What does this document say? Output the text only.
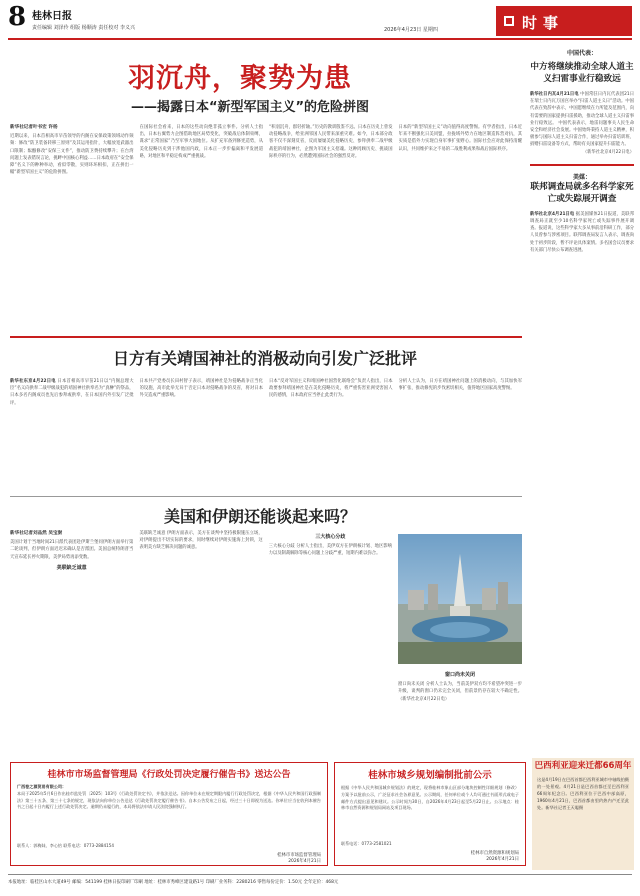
8 桂林日报
责任编辑 刘泽伶 组版 杨顺涛 责任校对 李义兴	2026年4月23日 星期四	时事
羽沉舟，聚势为患
——揭露日本“新型军国主义”的危险拼图
新华社记者叶书宏 许杨
近期以来，日本首相高市早苗领导的内阁在安保政策领域动作频频：修改“防卫装备转移三原则”及其运用指针，大幅放宽武器出口限制；酝酿修改“安保三文件”，推动防卫费持续攀升；在台湾问题上发表错误言论，挑衅中国核心利益……日本政府在“安全保障”名义下的种种举动，看似零散，实则环环相扣，正在拼出一幅“新型军国主义”的危险拼图。
在国际社会看来，日本的这些动向绝非孤立事件。分析人士指出，日本右翼势力企图借助地区局势变化，突破战后体制束缚，谋求“正常国家”乃至军事大国地位。从扩充军备到修宪造势，从美化侵略历史到干涉他国内政，日本正一步步偏离和平发展道路，对地区和平稳定构成严重挑战。
“积羽沉舟，群轻折轴。”历史的教训殷鉴不远。日本在历史上曾发动侵略战争，给亚洲邻国人民带来深重灾难。如今，日本部分政客不仅不深刻反省，反而屡屡美化侵略历史、参拜供奉二战甲级战犯的靖国神社，企图为军国主义招魂。这种罔顾历史、挑战国际秩序的行为，必然遭到国际社会的强烈反对。
日本的“新型军国主义”动向值得高度警惕。有学者指出，日本近年来不断强化日美同盟，拉拢域外势力在地区制造阵营对抗，其实质是借外力实现自身军事扩张野心。国际社会应对此保持清醒认识，共同维护来之不易的二战胜利成果和战后国际秩序。
中国代表：
中方将继续推动全球人道主义扫雷事业行稳致远
新华社日内瓦4月21日电 中国常驻日内瓦代表团21日在瑞士日内瓦万国宫举办“扫雷人道主义日”活动。中国代表在致辞中表示，中国愿继续在力所能及范围内，向有需要的国家提供扫雷援助，推动全球人道主义扫雷事业行稳致远。 中国代表表示，地雷问题事关人民生命安全和经济社会发展。中国始终秉持人道主义精神，积极参与国际人道主义扫雷合作，通过举办扫雷培训班、捐赠扫雷设备等方式，帮助有关国家提升扫雷能力。
（新华社北京4月22日电）
美媒：
联邦调查局就多名科学家死亡或失踪展开调查
新华社北京4月21日电 据美国媒体21日报道，美联邦调查局正就至少10名科学家死亡或失踪事件展开调查。报道说，这些科学家大多从事前沿科研工作，部分人员曾参与涉密项目。联邦调查局发言人表示，调查尚处于初步阶段，暂不评论具体案情。多名国会议员要求有关部门尽快公布调查进展。
日方有关靖国神社的消极动向引发广泛批评
新华社东京4月22日电 日本首相高市早苗21日以“内阁总理大臣”名义向供奉二战甲级战犯的靖国神社供奉名为“真榊”的祭品，日本多名内阁成员也先后参拜或供奉，在日本国内外引发广泛批评。
日本共产党委员长田村智子表示，靖国神社是为侵略战争正当化的设施，高市此举无异于否定日本对侵略战争的反省，将对日本外交造成严重影响。
日本“反对军国主义和靖国神社国营化联络会”负责人指出，日本政要参拜靖国神社是在美化侵略历史，将严重伤害亚洲受害国人民的感情，日本政府应当停止此类行为。
分析人士认为，日方在靖国神社问题上的消极动向，与其加快军事扩张、推动修宪的步伐密切相关，值得地区国家高度警惕。
美国和伊朗还能谈起来吗？
新华社记者刘品然 吴宝澍
美国计划于当地时间21日派代表团赴伊斯兰堡同伊朗方面举行第二轮谈判，但伊朗方面迟迟未确认是否派团。美国总统特朗普当天宣布延长停火期限，美伊局势再添变数。
美联缺乏诚意
美联缺乏诚意 伊朗方面表示，美方在谈判中坚持极限施压立场，对伊朗提出不切实际的要求，同时继续对伊朗实施海上封锁，这表明美方缺乏解决问题的诚意。
三大核心分歧
三大核心分歧 分析人士指出，美伊双方在伊朗核计划、地区影响力以及制裁解除等核心问题上分歧严重，短期内难以弥合。
窗口尚未关闭
窗口尚未关闭 分析人士认为，当前美伊双方均不希望冲突进一步升级，谈判的窗口仍未完全关闭，但前景仍存在较大不确定性。（新华社北京4月22日电）
桂林市市场监督管理局《行政处罚决定履行催告书》送达公告
广西卷之源贸易有限公司：
本局于2025年5月6日作出桂市监处罚〔2025〕103号《行政处罚决定书》，并依法送达。因你单位未在规定期限内履行行政处罚决定，根据《中华人民共和国行政强制法》第三十五条、第三十七条的规定，现依法向你单位公告送达《行政处罚决定履行催告书》。自本公告发布之日起，经过三十日即视为送达。你单位应当在收到本催告书之日起十日内履行上述行政处罚决定。逾期仍未履行的，本局将依法申请人民法院强制执行。
联系人：郭梅妹、李心怡 联系电话：0773-2884154
桂林市市场监督管理局
2026年4月21日
桂林市城乡规划编制批前公示
根据《中华人民共和国城乡规划法》的规定，现将桂林市象山区部分地块控制性详细规划（修改）方案予以批前公示，广泛征求社会各界意见。公示期间，任何单位或个人均可通过书面形式或电子邮件方式提出意见和建议。公示时间为30日，自2026年4月23日起至5月22日止。公示地点：桂林市自然资源和规划局网站及项目现场。
联系电话：0773-2581021
桂林市自然资源和规划局
2026年4月21日
巴西利亚迎来迁都66周年
这是4月19日在巴西首都巴西利亚城市中轴线拍摄的一处景观。4月21日是巴西首都迁至巴西利亚66周年纪念日。巴西利亚位于巴西中部高原，1960年4月21日，巴西首都由里约热内卢迁至此处。新华社记者王天聪摄
本报地址：临桂区山水大道49号 邮编：541199 桂林日报印刷厂印刷 地址：桂林市秀峰区建设路1号 印刷厂业务科：2280216 零售每份定价：1.50元 全年定价：468元
